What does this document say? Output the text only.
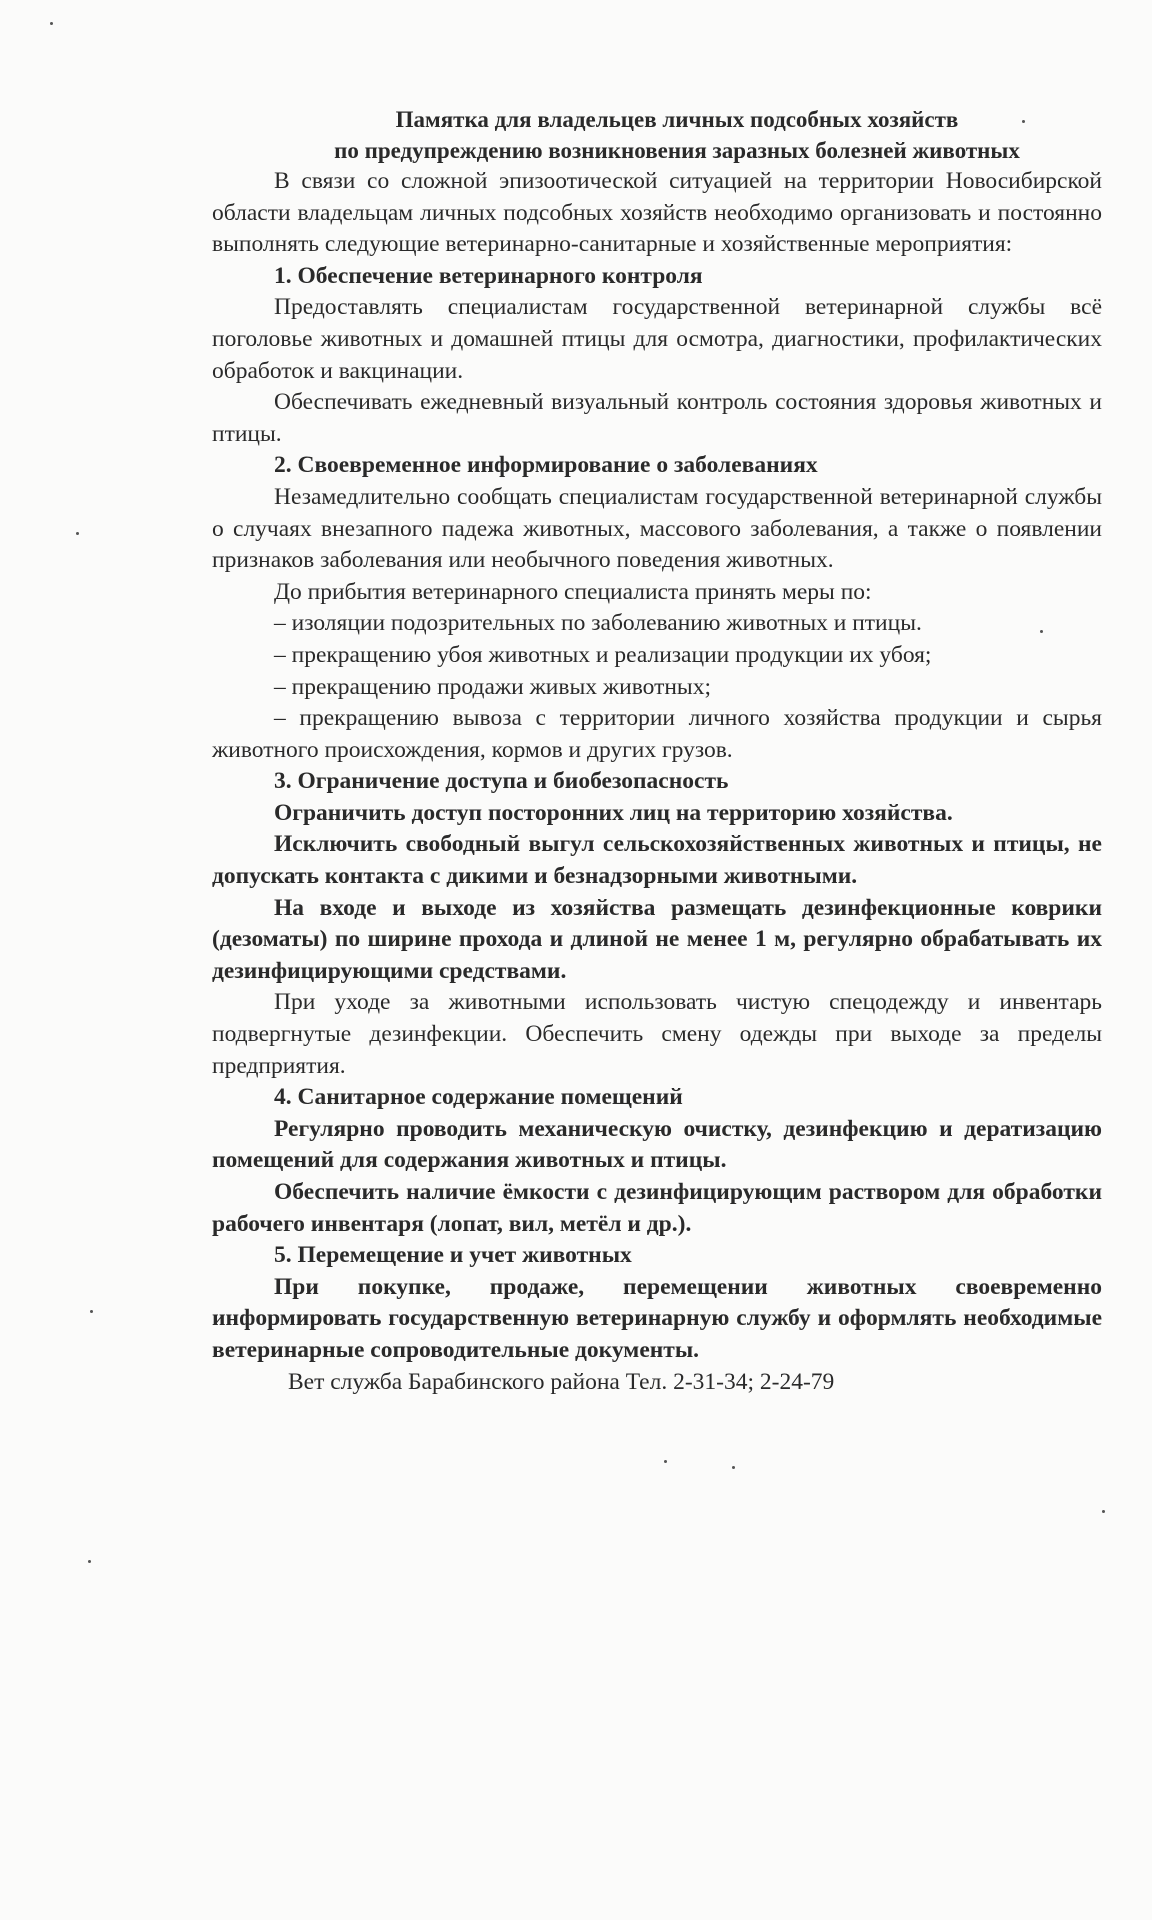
Памятка для владельцев личных подсобных хозяйств
по предупреждению возникновения заразных болезней животных

В связи со сложной эпизоотической ситуацией на территории Новосибирской области владельцам личных подсобных хозяйств необходимо организовать и постоянно выполнять следующие ветеринарно-санитарные и хозяйственные мероприятия:

1. Обеспечение ветеринарного контроля

Предоставлять специалистам государственной ветеринарной службы всё поголовье животных и домашней птицы для осмотра, диагностики, профилактических обработок и вакцинации.

Обеспечивать ежедневный визуальный контроль состояния здоровья животных и птицы.

2. Своевременное информирование о заболеваниях

Незамедлительно сообщать специалистам государственной ветеринарной службы о случаях внезапного падежа животных, массового заболевания, а также о появлении признаков заболевания или необычного поведения животных.

До прибытия ветеринарного специалиста принять меры по:

– изоляции подозрительных по заболеванию животных и птицы.

– прекращению убоя животных и реализации продукции их убоя;

– прекращению продажи живых животных;

– прекращению вывоза с территории личного хозяйства продукции и сырья животного происхождения, кормов и других грузов.

3. Ограничение доступа и биобезопасность

Ограничить доступ посторонних лиц на территорию хозяйства.

Исключить свободный выгул сельскохозяйственных животных и птицы, не допускать контакта с дикими и безнадзорными животными.

На входе и выходе из хозяйства размещать дезинфекционные коврики (дезоматы) по ширине прохода и длиной не менее 1 м, регулярно обрабатывать их дезинфицирующими средствами.

При уходе за животными использовать чистую спецодежду и инвентарь подвергнутые дезинфекции. Обеспечить смену одежды при выходе за пределы предприятия.

4. Санитарное содержание помещений

Регулярно проводить механическую очистку, дезинфекцию и дератизацию помещений для содержания животных и птицы.

Обеспечить наличие ёмкости с дезинфицирующим раствором для обработки рабочего инвентаря (лопат, вил, метёл и др.).

5. Перемещение и учет животных

При покупке, продаже, перемещении животных своевременно информировать государственную ветеринарную службу и оформлять необходимые ветеринарные сопроводительные документы.

Вет служба Барабинского района Тел. 2-31-34; 2-24-79
